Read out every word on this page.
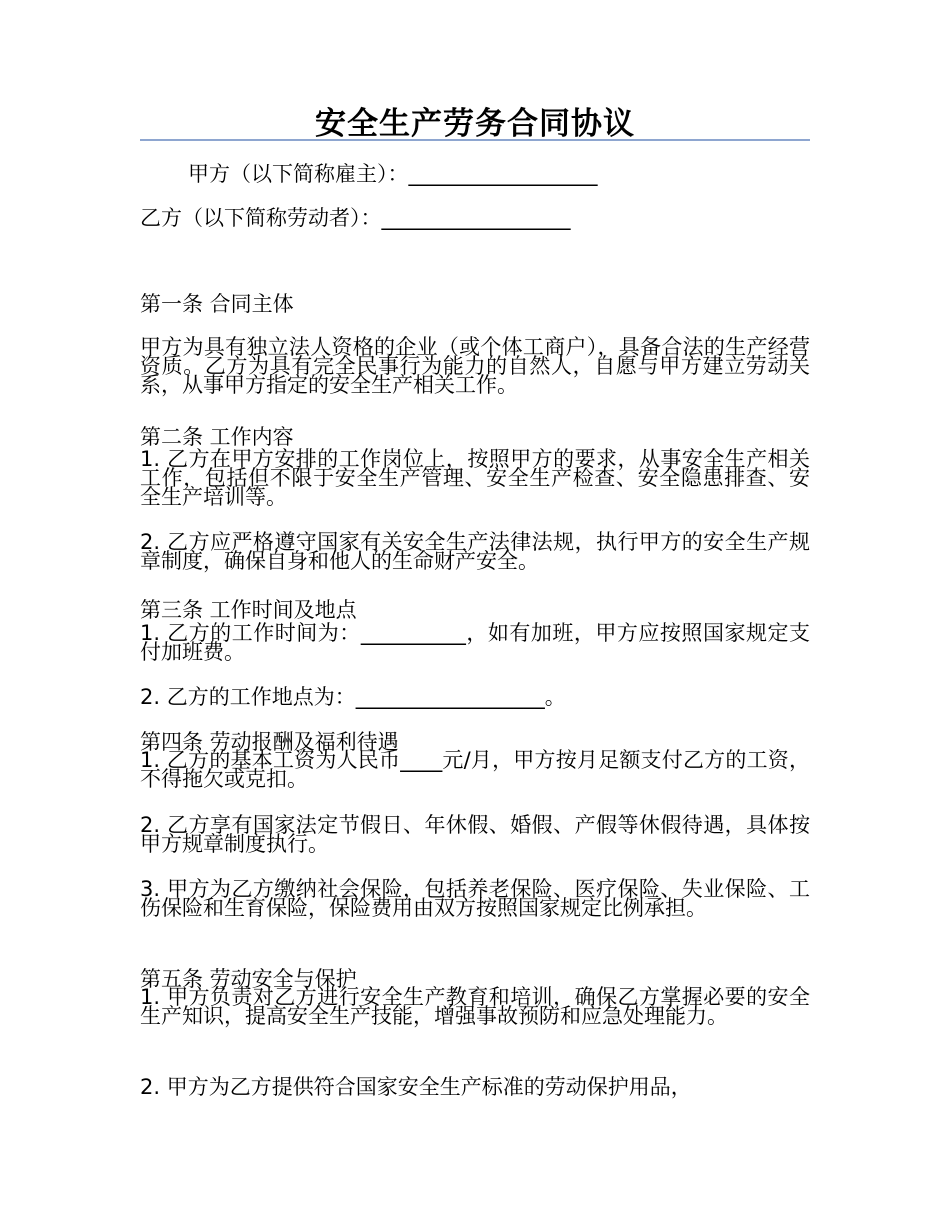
安全生产劳务合同协议
甲方（以下简称雇主）：__________________
乙方（以下简称劳动者）：__________________
第一条 合同主体
甲方为具有独立法人资格的企业（或个体工商户），具备合法的生产经营资质。乙方为具有完全民事行为能力的自然人，自愿与甲方建立劳动关系，从事甲方指定的安全生产相关工作。
第二条 工作内容
1. 乙方在甲方安排的工作岗位上，按照甲方的要求，从事安全生产相关工作，包括但不限于安全生产管理、安全生产检查、安全隐患排查、安全生产培训等。
2. 乙方应严格遵守国家有关安全生产法律法规，执行甲方的安全生产规章制度，确保自身和他人的生命财产安全。
第三条 工作时间及地点
1. 乙方的工作时间为：__________，如有加班，甲方应按照国家规定支付加班费。
2. 乙方的工作地点为：__________________。
第四条 劳动报酬及福利待遇
1. 乙方的基本工资为人民币____元/月，甲方按月足额支付乙方的工资，不得拖欠或克扣。
2. 乙方享有国家法定节假日、年休假、婚假、产假等休假待遇，具体按甲方规章制度执行。
3. 甲方为乙方缴纳社会保险，包括养老保险、医疗保险、失业保险、工伤保险和生育保险，保险费用由双方按照国家规定比例承担。
第五条 劳动安全与保护
1. 甲方负责对乙方进行安全生产教育和培训，确保乙方掌握必要的安全生产知识，提高安全生产技能，增强事故预防和应急处理能力。
2. 甲方为乙方提供符合国家安全生产标准的劳动保护用品，
